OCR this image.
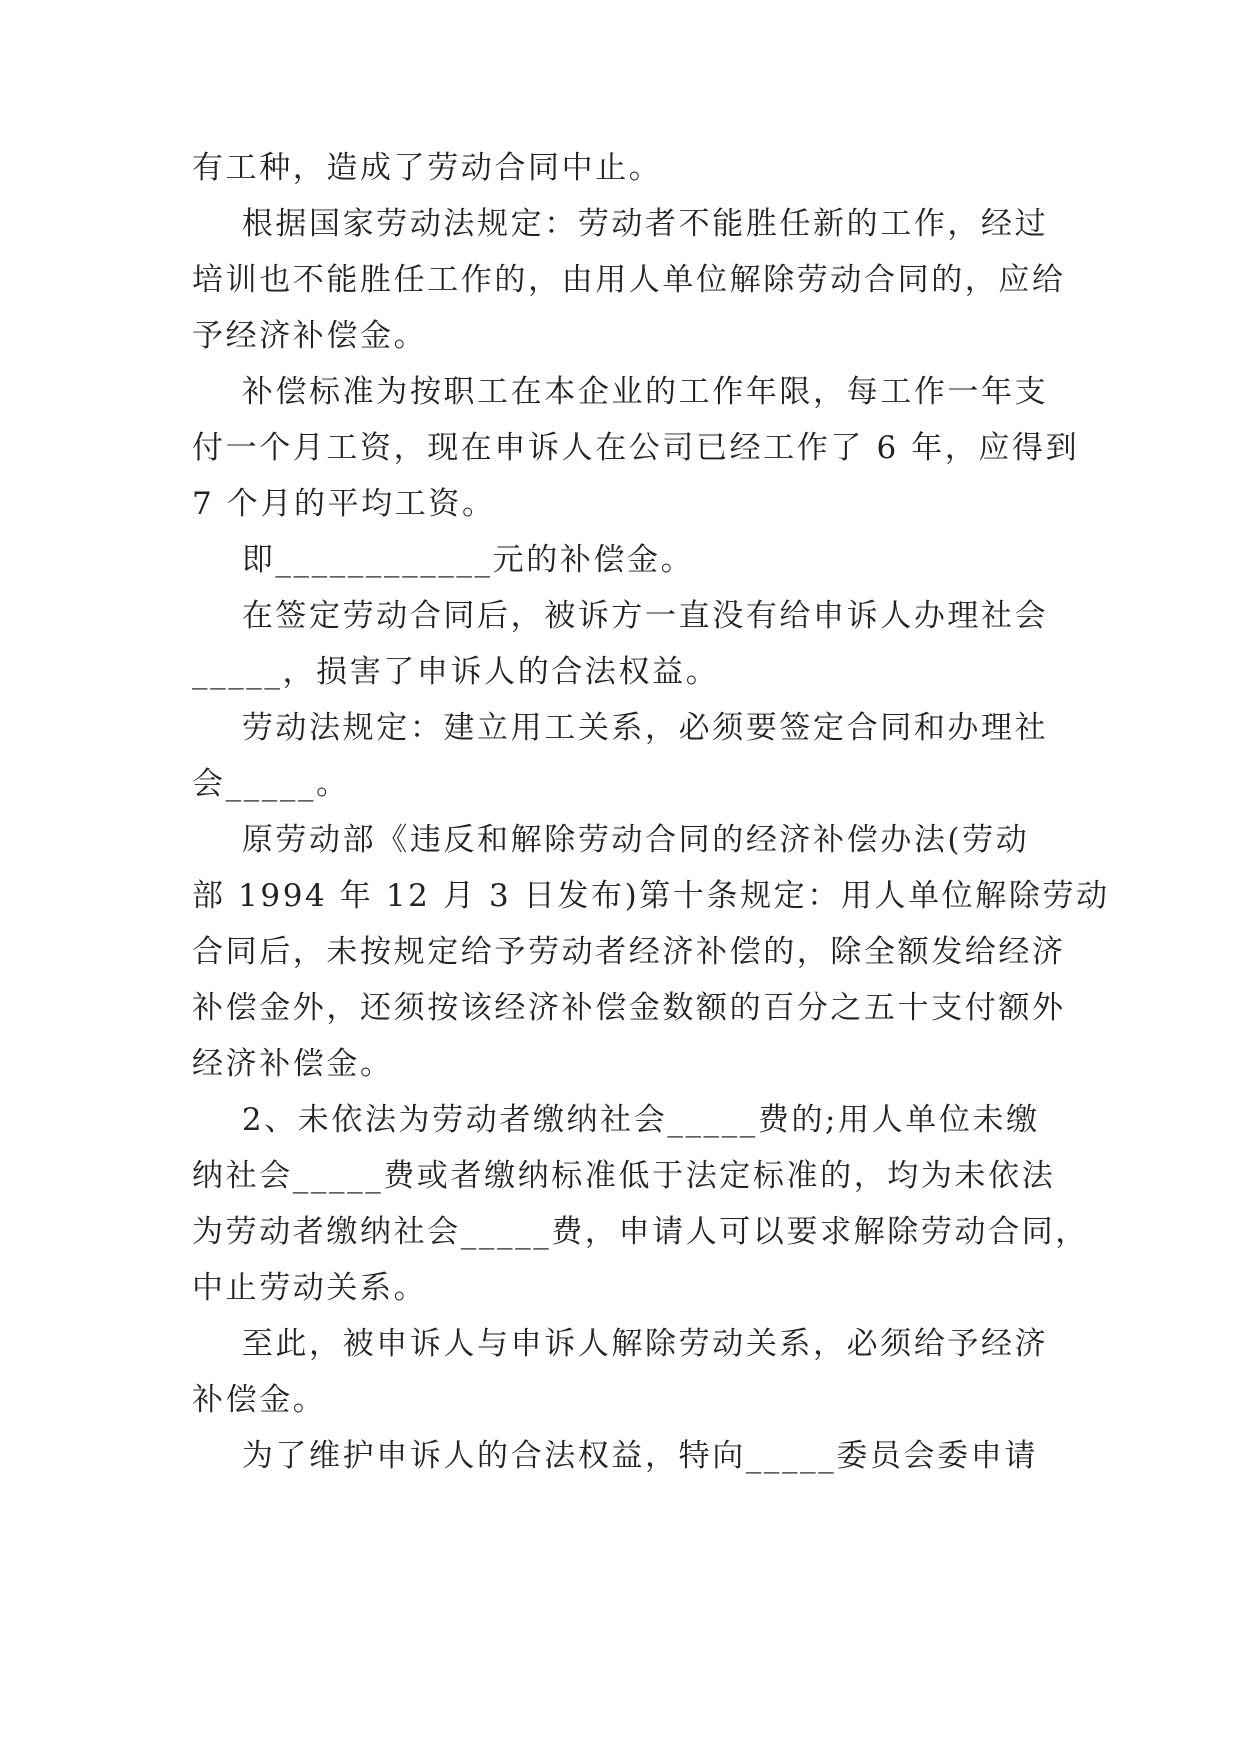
有工种，造成了劳动合同中止。
根据国家劳动法规定：劳动者不能胜任新的工作，经过
培训也不能胜任工作的，由用人单位解除劳动合同的，应给
予经济补偿金。
补偿标准为按职工在本企业的工作年限，每工作一年支
付一个月工资，现在申诉人在公司已经工作了 6 年，应得到
7 个月的平均工资。
即____________元的补偿金。
在签定劳动合同后，被诉方一直没有给申诉人办理社会
_____，损害了申诉人的合法权益。
劳动法规定：建立用工关系，必须要签定合同和办理社
会_____。
原劳动部《违反和解除劳动合同的经济补偿办法(劳动
部 1994 年 12 月 3 日发布)第十条规定：用人单位解除劳动
合同后，未按规定给予劳动者经济补偿的，除全额发给经济
补偿金外，还须按该经济补偿金数额的百分之五十支付额外
经济补偿金。
2、未依法为劳动者缴纳社会_____费的;用人单位未缴
纳社会_____费或者缴纳标准低于法定标准的，均为未依法
为劳动者缴纳社会_____费，申请人可以要求解除劳动合同，
中止劳动关系。
至此，被申诉人与申诉人解除劳动关系，必须给予经济
补偿金。
为了维护申诉人的合法权益，特向_____委员会委申请
